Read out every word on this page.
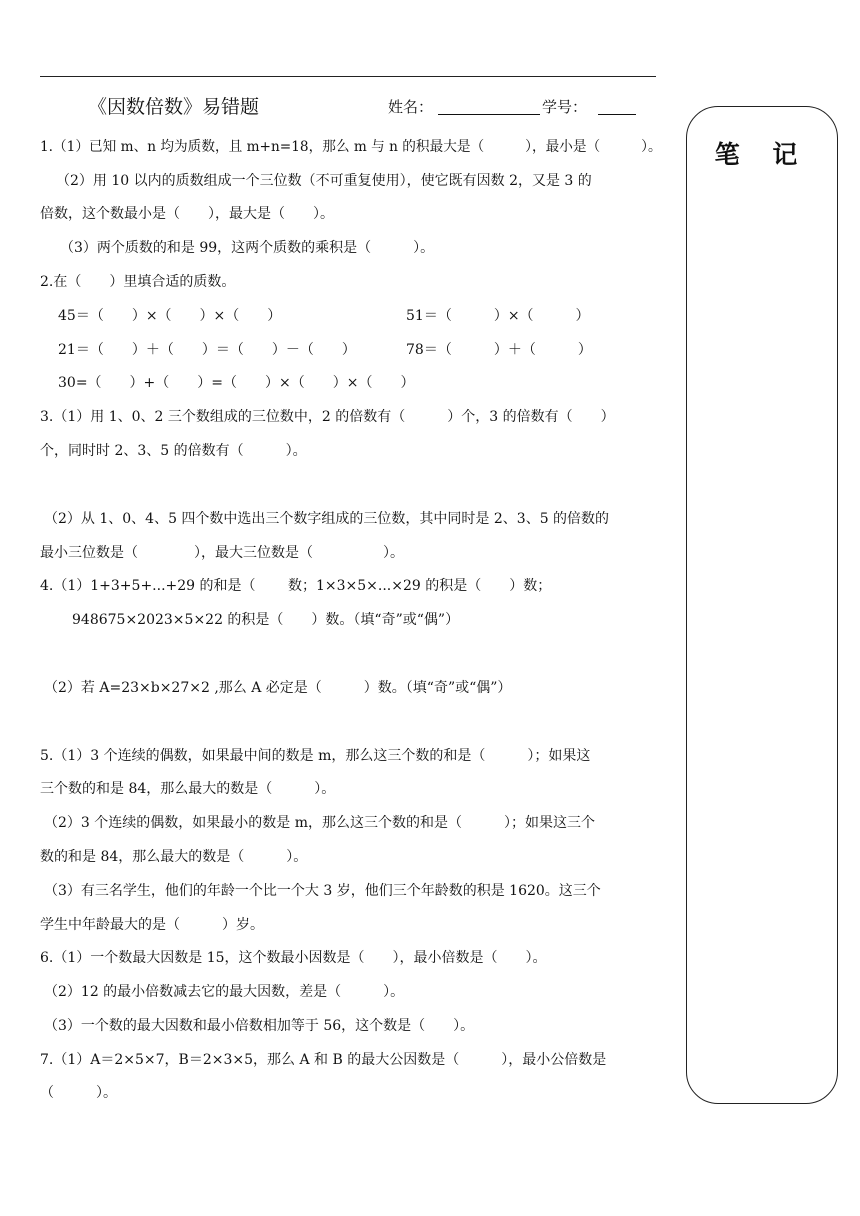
《因数倍数》易错题	姓名：	学号：
笔 记
1.（1）已知 m、n 均为质数，且 m+n=18，那么 m 与 n 的积最大是（　　　），最小是（　　　）。
（2）用 10 以内的质数组成一个三位数（不可重复使用），使它既有因数 2，又是 3 的
倍数，这个数最小是（　　），最大是（　　）。
（3）两个质数的和是 99，这两个质数的乘积是（　　　）。
2.在（　　）里填合适的质数。
45＝（　　）×（　　）×（　　）	51＝（　　　）×（　　　）
21＝（　　）＋（　　）＝（　　）－（　　）	78＝（　　　）＋（　　　）
30=（　　）+（　　）=（　　）×（　　）×（　　）
3.（1）用 1、0、2 三个数组成的三位数中，2 的倍数有（　　　）个，3 的倍数有（　　）
个，同时时 2、3、5 的倍数有（　　　）。
（2）从 1、0、4、5 四个数中选出三个数字组成的三位数，其中同时是 2、3、5 的倍数的
最小三位数是（　　　　），最大三位数是（　　　　　）。
4.（1）1+3+5+...+29 的和是（　　 数；1×3×5×...×29 的积是（　　）数；
948675×2023×5×22 的积是（　　）数。（填“奇”或“偶”）
（2）若 A=23×b×27×2 ,那么 A 必定是（　　　）数。（填“奇”或“偶”）
5.（1）3 个连续的偶数，如果最中间的数是 m，那么这三个数的和是（　　　）；如果这
三个数的和是 84，那么最大的数是（　　　）。
（2）3 个连续的偶数，如果最小的数是 m，那么这三个数的和是（　　　）；如果这三个
数的和是 84，那么最大的数是（　　　）。
（3）有三名学生，他们的年龄一个比一个大 3 岁，他们三个年龄数的积是 1620。这三个
学生中年龄最大的是（　　　）岁。
6.（1）一个数最大因数是 15，这个数最小因数是（　　），最小倍数是（　　）。
（2）12 的最小倍数减去它的最大因数，差是（　　　）。
（3）一个数的最大因数和最小倍数相加等于 56，这个数是（　　）。
7.（1）A＝2×5×7，B＝2×3×5，那么 A 和 B 的最大公因数是（　　　），最小公倍数是
（　　　）。
